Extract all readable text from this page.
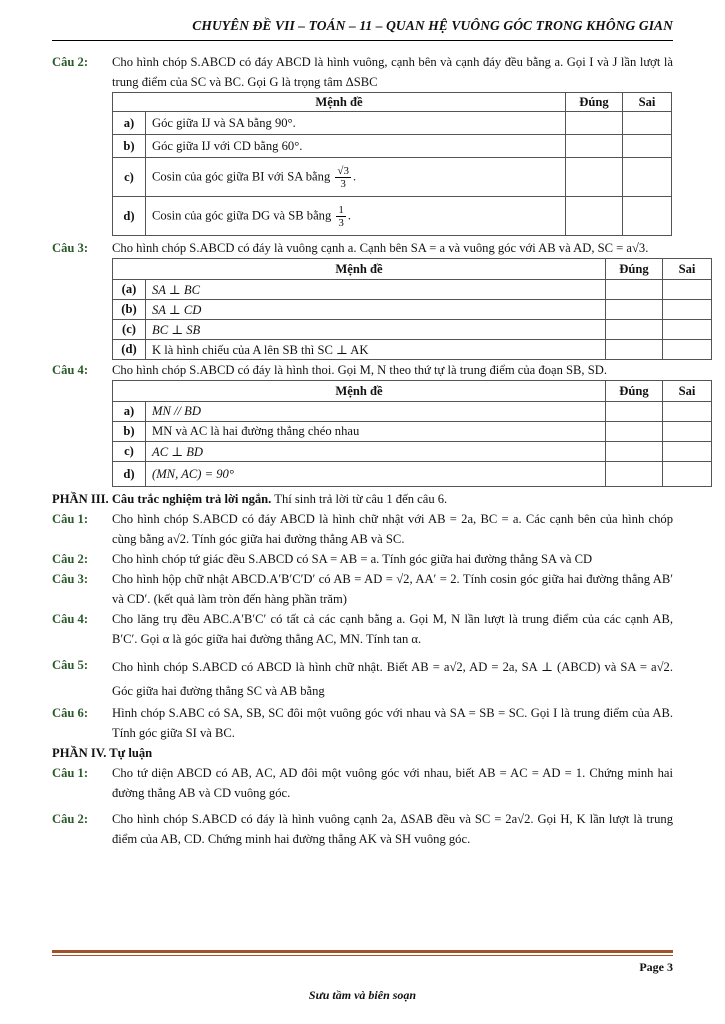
CHUYÊN ĐỀ VII – TOÁN – 11 – QUAN HỆ VUÔNG GÓC TRONG KHÔNG GIAN
Câu 2:	Cho hình chóp S.ABCD có đáy ABCD là hình vuông, cạnh bên và cạnh đáy đều bằng a. Gọi I và J lần lượt là trung điểm của SC và BC. Gọi G là trọng tâm ΔSBC
Mệnh đề		Đúng	Sai
a)	Góc giữa IJ và SA bằng 90°.		
b)	Góc giữa IJ với CD bằng 60°.		
c)	Cosin của góc giữa BI với SA bằng $\frac{√3}{3}$ .		
d)	Cosin của góc giữa DG và SB bằng $\frac{1}{3}$ .		
Câu 3:	Cho hình chóp S.ABCD có đáy là vuông cạnh a. Cạnh bên SA = a và vuông góc với AB và AD, SC = a√3.
Mệnh đề		Đúng	Sai
(a)	SA ⊥ BC		
(b)	SA ⊥ CD		
(c)	BC ⊥ SB		
(d)	K là hình chiếu của A lên SB thì SC ⊥ AK		
Câu 4:	Cho hình chóp S.ABCD có đáy là hình thoi. Gọi M, N theo thứ tự là trung điểm của đoạn SB, SD.
Mệnh đề		Đúng	Sai
a)	MN // BD		
b)	MN và AC là hai đường thẳng chéo nhau		
c)	AC ⊥ BD		
d)	(MN, AC) = 90°		
PHẦN III. Câu trắc nghiệm trả lời ngắn. Thí sinh trả lời từ câu 1 đến câu 6.
Câu 1:	Cho hình chóp S.ABCD có đáy ABCD là hình chữ nhật với AB = 2a, BC = a. Các cạnh bên của hình chóp cùng bằng a√2. Tính góc giữa hai đường thẳng AB và SC.
Câu 2:	Cho hình chóp tứ giác đều S.ABCD có SA = AB = a. Tính góc giữa hai đường thẳng SA và CD
Câu 3:	Cho hình hộp chữ nhật ABCD.A′B′C′D′ có AB = AD = √2, AA′ = 2. Tính cosin góc giữa hai đường thẳng AB′ và CD′. (kết quả làm tròn đến hàng phần trăm)
Câu 4:	Cho lăng trụ đều ABC.A′B′C′ có tất cả các cạnh bằng a. Gọi M, N lần lượt là trung điểm của các cạnh AB, B′C′. Gọi α là góc giữa hai đường thẳng AC, MN. Tính tan α.
Câu 5:	Cho hình chóp S.ABCD có ABCD là hình chữ nhật. Biết AB = a√2, AD = 2a, SA ⊥ (ABCD) và SA = a√2. Góc giữa hai đường thẳng SC và AB bằng
Câu 6:	Hình chóp S.ABC có SA, SB, SC đôi một vuông góc với nhau và SA = SB = SC. Gọi I là trung điểm của AB. Tính góc giữa SI và BC.
PHẦN IV. Tự luận
Câu 1:	Cho tứ diện ABCD có AB, AC, AD đôi một vuông góc với nhau, biết AB = AC = AD = 1. Chứng minh hai đường thẳng AB và CD vuông góc.
Câu 2:	Cho hình chóp S.ABCD có đáy là hình vuông cạnh 2a, ΔSAB đều và SC = 2a√2. Gọi H, K lần lượt là trung điểm của AB, CD. Chứng minh hai đường thẳng AK và SH vuông góc.
Page 3
Sưu tầm và biên soạn
